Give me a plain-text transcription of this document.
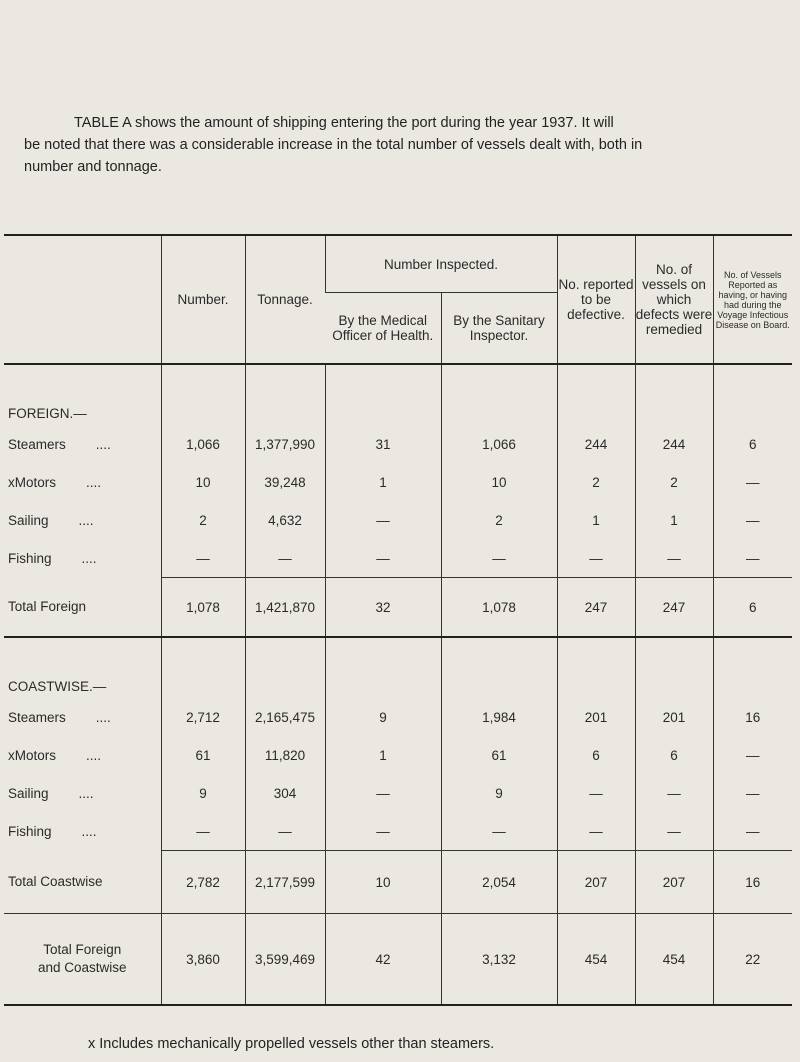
TABLE A shows the amount of shipping entering the port during the year 1937. It will
be noted that there was a considerable increase in the total number of vessels dealt with, both in
number and tonnage.
	Number.	Tonnage.	Number Inspected.		No. reported to be defective.	No. of vessels on which defects were remedied	No. of Vessels Reported as having, or having had during the Voyage Infectious Disease on Board.
			By the Medical Officer of Health.	By the Sanitary Inspector.			
FOREIGN.—							
Steamers ....	1,066	1,377,990	31	1,066	244	244	6
xMotors ....	10	39,248	1	10	2	2	—
Sailing ....	2	4,632	—	2	1	1	—
Fishing ....	—	—	—	—	—	—	—
Total Foreign	1,078	1,421,870	32	1,078	247	247	6
COASTWISE.—							
Steamers ....	2,712	2,165,475	9	1,984	201	201	16
xMotors ....	61	11,820	1	61	6	6	—
Sailing ....	9	304	—	9	—	—	—
Fishing ....	—	—	—	—	—	—	—
Total Coastwise	2,782	2,177,599	10	2,054	207	207	16

Total Foreign
and Coastwise	3,860	3,599,469	42	3,132	454	454	22
x Includes mechanically propelled vessels other than steamers.
